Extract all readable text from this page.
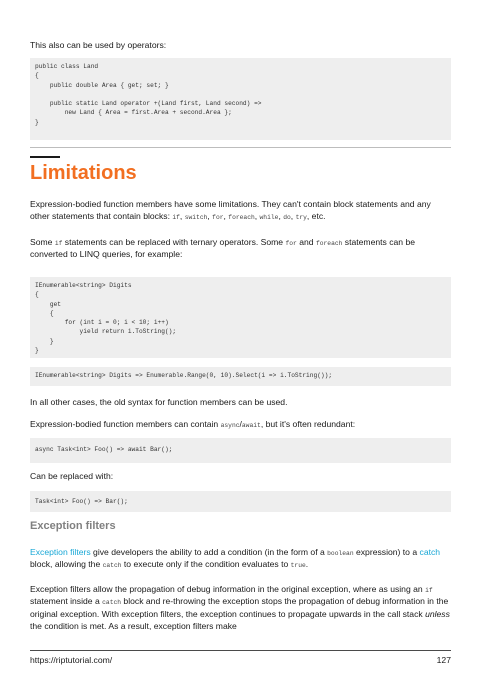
This also can be used by operators:
public class Land
{
public double Area { get; set; }

public static Land operator +(Land first, Land second) =>
new Land { Area = first.Area + second.Area };
}
Limitations
Expression-bodied function members have some limitations. They can't contain block statements and any other statements that contain blocks: if, switch, for, foreach, while, do, try, etc.
Some if statements can be replaced with ternary operators. Some for and foreach statements can be converted to LINQ queries, for example:
IEnumerable<string> Digits
{
get
{
for (int i = 0; i < 10; i++)
yield return i.ToString();
}
}
IEnumerable<string> Digits => Enumerable.Range(0, 10).Select(i => i.ToString());
In all other cases, the old syntax for function members can be used.
Expression-bodied function members can contain async/await, but it's often redundant:
async Task<int> Foo() => await Bar();
Can be replaced with:
Task<int> Foo() => Bar();
Exception filters
Exception filters give developers the ability to add a condition (in the form of a boolean expression) to a catch block, allowing the catch to execute only if the condition evaluates to true.
Exception filters allow the propagation of debug information in the original exception, where as using an if statement inside a catch block and re-throwing the exception stops the propagation of debug information in the original exception. With exception filters, the exception continues to propagate upwards in the call stack unless the condition is met. As a result, exception filters make
https://riptutorial.com/	127
